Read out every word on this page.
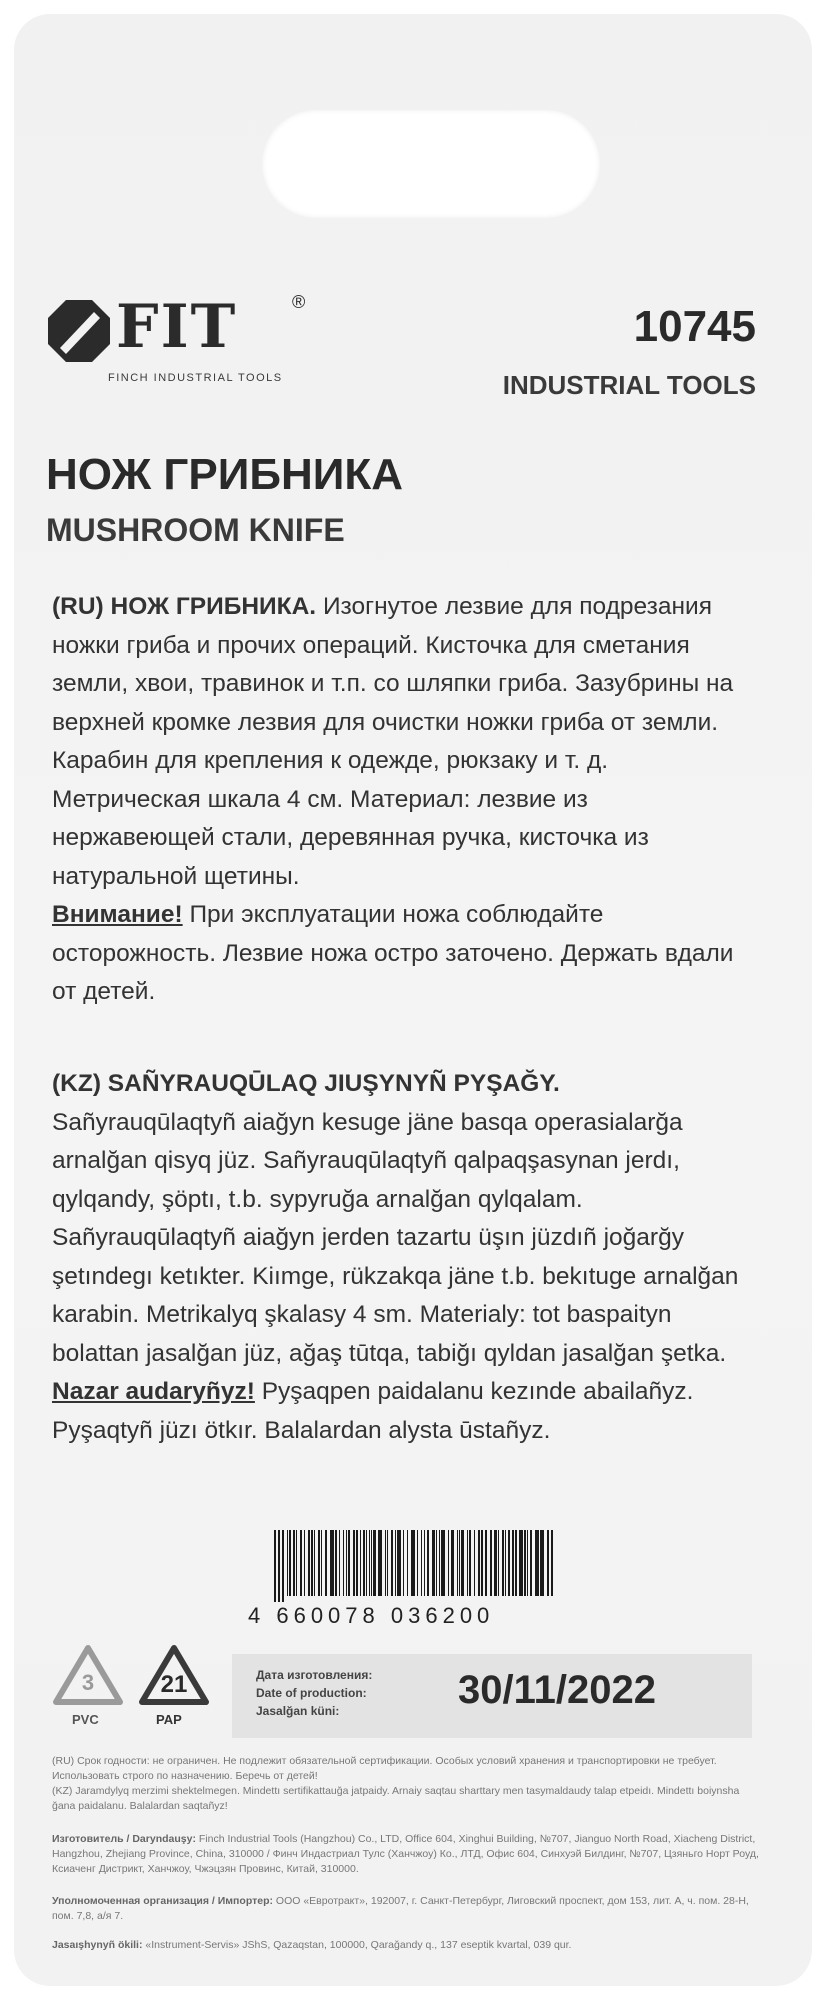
FIT	®
FINCH INDUSTRIAL TOOLS
10745
INDUSTRIAL TOOLS
НОЖ ГРИБНИКА
MUSHROOM KNIFE

(RU) НОЖ ГРИБНИКА. Изогнутое лезвие для подрезания ножки гриба и прочих операций. Кисточка для сметания земли, хвои, травинок и т.п. со шляпки гриба. Зазубрины на верхней кромке лезвия для очистки ножки гриба от земли. Карабин для крепления к одежде, рюкзаку и т. д. Метрическая шкала 4 см. Материал: лезвие из нержавеющей стали, деревянная ручка, кисточка из натуральной щетины.

Внимание! При эксплуатации ножа соблюдайте осторожность. Лезвие ножа остро заточено. Держать вдали от детей.

(KZ) SAÑYRAUQŪLAQ JIUŞYNYÑ PYŞAĞY. Sañyrauqūlaqtyñ aiağyn kesuge jäne basqa operasialarğa arnalğan qisyq jüz. Sañyrauqūlaqtyñ qalpaqşasynan jerdı, qylqandy, şöptı, t.b. sypyruğa arnalğan qylqalam. Sañyrauqūlaqtyñ aiağyn jerden tazartu üşın jüzdıñ joğarğy şetındegı ketıkter. Kiımge, rükzakqa jäne t.b. bekıtuge arnalğan karabin. Metrikalyq şkalasy 4 sm. Materialy: tot baspaityn bolattan jasalğan jüz, ağaş tūtqa, tabiğı qyldan jasalğan şetka.

Nazar audaryñyz! Pyşaqpen paidalanu kezınde abailañyz. Pyşaqtyñ jüzı ötkır. Balalardan alysta ūstañyz.

4 660078 036200
3
PVC
21
PAP
Дата изготовления:
Date of production:
Jasalğan küni:	30/11/2022
(RU) Срок годности: не ограничен. Не подлежит обязательной сертификации. Особых условий хранения и транспортировки не требует. Использовать строго по назначению. Беречь от детей!
(KZ) Jaramdylyq merzimi shektelmegen. Mindettı sertifikattauğa jatpaidy. Arnaiy saqtau sharttary men tasymaldaudy talap etpeidı. Mindettı boiynsha ğana paidalanu. Balalardan saqtañyz!
Изготовитель / Daryndauşy: Finch Industrial Tools (Hangzhou) Co., LTD, Office 604, Xinghui Building, №707, Jianguo North Road, Xiacheng District, Hangzhou, Zhejiang Province, China, 310000 / Финч Индастриал Тулс (Ханчжоу) Ко., ЛТД, Офис 604, Синхуэй Билдинг, №707, Цзяньго Норт Роуд, Ксиаченг Дистрикт, Ханчжоу, Чжэцзян Провинс, Китай, 310000.
Уполномоченная организация / Импортер: ООО «Евротракт», 192007, г. Санкт-Петербург, Лиговский проспект, дом 153, лит. А, ч. пом. 28-Н, пом. 7,8, а/я 7.
Jasaışhynyñ ökili: «Instrument-Servis» JShS, Qazaqstan, 100000, Qarağandy q., 137 eseptik kvartal, 039 qur.
